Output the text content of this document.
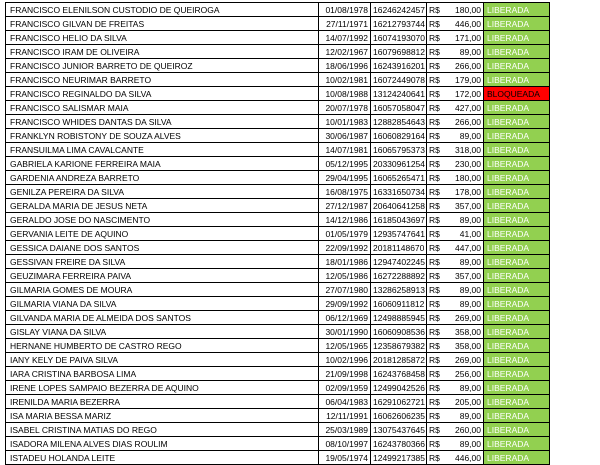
FRANCISCO ELENILSON CUSTODIO DE QUEIROGA	01/08/1978	16246242457	R$	180,00	LIBERADA	
FRANCISCO GILVAN DE FREITAS	27/11/1971	16212793744	R$	446,00	LIBERADA	
FRANCISCO HELIO DA SILVA	14/07/1992	16074193070	R$	171,00	LIBERADA	
FRANCISCO IRAM DE OLIVEIRA	12/02/1967	16079698812	R$	89,00	LIBERADA	
FRANCISCO JUNIOR BARRETO DE QUEIROZ	18/06/1996	16243916201	R$	266,00	LIBERADA	
FRANCISCO NEURIMAR BARRETO	10/02/1981	16072449078	R$	179,00	LIBERADA	
FRANCISCO REGINALDO DA SILVA	10/08/1988	13124240641	R$	172,00	BLOQUEADA	
FRANCISCO SALISMAR MAIA	20/07/1978	16057058047	R$	427,00	LIBERADA	
FRANCISCO WHIDES DANTAS DA SILVA	10/01/1983	12882854643	R$	266,00	LIBERADA	
FRANKLYN ROBISTONY DE SOUZA ALVES	30/06/1987	16060829164	R$	89,00	LIBERADA	
FRANSUILMA LIMA CAVALCANTE	14/07/1981	16065795373	R$	318,00	LIBERADA	
GABRIELA KARIONE FERREIRA MAIA	05/12/1995	20330961254	R$	230,00	LIBERADA	
GARDENIA ANDREZA BARRETO	29/04/1995	16065265471	R$	180,00	LIBERADA	
GENILZA PEREIRA DA SILVA	16/08/1975	16331650734	R$	178,00	LIBERADA	
GERALDA MARIA DE JESUS NETA	27/12/1987	20640641258	R$	357,00	LIBERADA	
GERALDO JOSE DO NASCIMENTO	14/12/1986	16185043697	R$	89,00	LIBERADA	
GERVANIA LEITE DE AQUINO	01/05/1979	12935747641	R$	41,00	LIBERADA	
GESSICA DAIANE DOS SANTOS	22/09/1992	20181148670	R$	447,00	LIBERADA	
GESSIVAN FREIRE DA SILVA	18/01/1986	12947402245	R$	89,00	LIBERADA	
GEUZIMARA FERREIRA PAIVA	12/05/1986	16272288892	R$	357,00	LIBERADA	
GILMARIA GOMES DE MOURA	27/07/1980	13286258913	R$	89,00	LIBERADA	
GILMARIA VIANA DA SILVA	29/09/1992	16060911812	R$	89,00	LIBERADA	
GILVANDA MARIA DE ALMEIDA DOS SANTOS	06/12/1969	12498885945	R$	269,00	LIBERADA	
GISLAY VIANA DA SILVA	30/01/1990	16060908536	R$	358,00	LIBERADA	
HERNANE HUMBERTO DE CASTRO REGO	12/05/1965	12358679382	R$	358,00	LIBERADA	
IANY KELY DE PAIVA SILVA	10/02/1996	20181285872	R$	269,00	LIBERADA	
IARA CRISTINA BARBOSA LIMA	21/09/1998	16243768458	R$	256,00	LIBERADA	
IRENE LOPES SAMPAIO BEZERRA DE AQUINO	02/09/1959	12499042526	R$	89,00	LIBERADA	
IRENILDA MARIA BEZERRA	06/04/1983	16291062721	R$	205,00	LIBERADA	
ISA MARIA BESSA MARIZ	12/11/1991	16062606235	R$	89,00	LIBERADA	
ISABEL CRISTINA MATIAS DO REGO	25/03/1989	13075437645	R$	260,00	LIBERADA	
ISADORA MILENA ALVES DIAS ROULIM	08/10/1997	16243780366	R$	89,00	LIBERADA	
ISTADEU HOLANDA LEITE	19/05/1974	12499217385	R$	446,00	LIBERADA	
